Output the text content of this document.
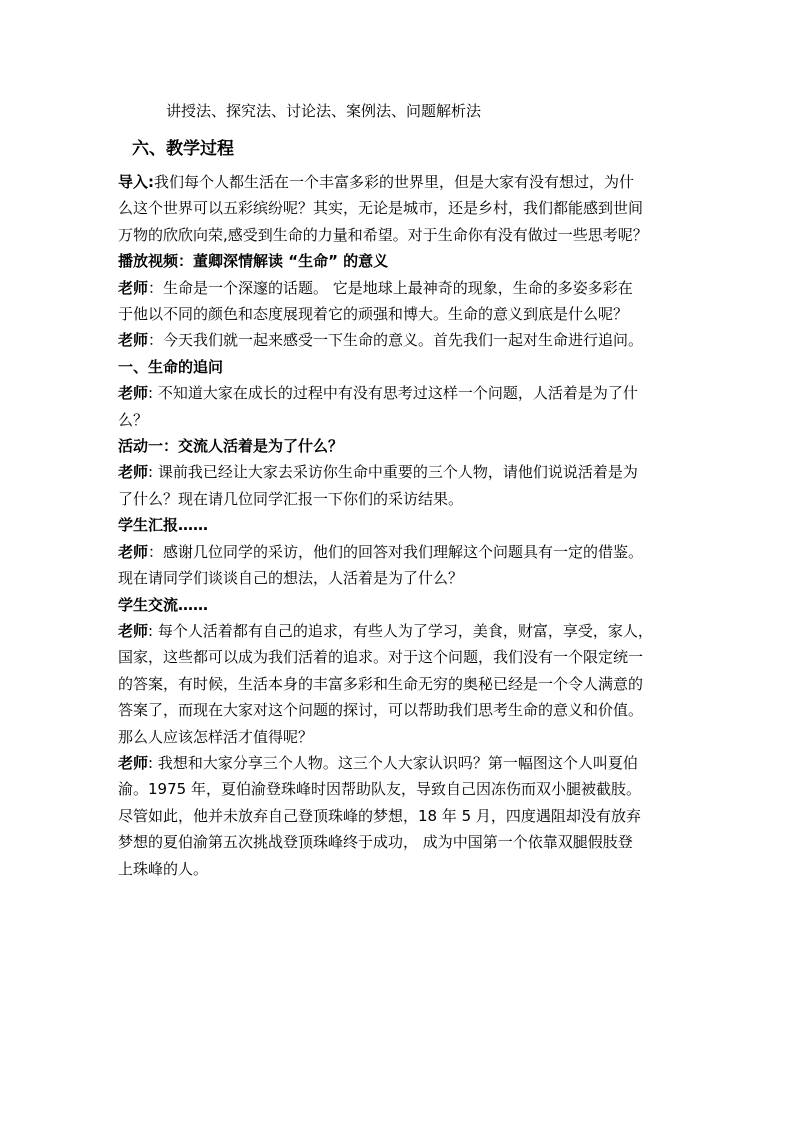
讲授法、探究法、讨论法、案例法、问题解析法
六、教学过程

导入:我们每个人都生活在一个丰富多彩的世界里，但是大家有没有想过，为什

么这个世界可以五彩缤纷呢？其实，无论是城市，还是乡村，我们都能感到世间

万物的欣欣向荣,感受到生命的力量和希望。对于生命你有没有做过一些思考呢？

播放视频：董卿深情解读 “生命” 的意义

老师：生命是一个深邃的话题。 它是地球上最神奇的现象，生命的多姿多彩在

于他以不同的颜色和态度展现着它的顽强和博大。生命的意义到底是什么呢？

老师：今天我们就一起来感受一下生命的意义。首先我们一起对生命进行追问。

一、生命的追问

老师: 不知道大家在成长的过程中有没有思考过这样一个问题，人活着是为了什

么？

活动一：交流人活着是为了什么？

老师: 课前我已经让大家去采访你生命中重要的三个人物，请他们说说活着是为

了什么？现在请几位同学汇报一下你们的采访结果。

学生汇报……

老师：感谢几位同学的采访，他们的回答对我们理解这个问题具有一定的借鉴。

现在请同学们谈谈自己的想法，人活着是为了什么？

学生交流……

老师: 每个人活着都有自己的追求，有些人为了学习，美食，财富，享受，家人，

国家，这些都可以成为我们活着的追求。对于这个问题，我们没有一个限定统一

的答案，有时候，生活本身的丰富多彩和生命无穷的奥秘已经是一个令人满意的

答案了，而现在大家对这个问题的探讨，可以帮助我们思考生命的意义和价值。

那么人应该怎样活才值得呢？

老师: 我想和大家分享三个人物。这三个人大家认识吗？第一幅图这个人叫夏伯

渝。1975 年，夏伯渝登珠峰时因帮助队友，导致自己因冻伤而双小腿被截肢。

尽管如此，他并未放弃自己登顶珠峰的梦想，18 年 5 月，四度遇阻却没有放弃

梦想的夏伯渝第五次挑战登顶珠峰终于成功， 成为中国第一个依靠双腿假肢登

上珠峰的人。
